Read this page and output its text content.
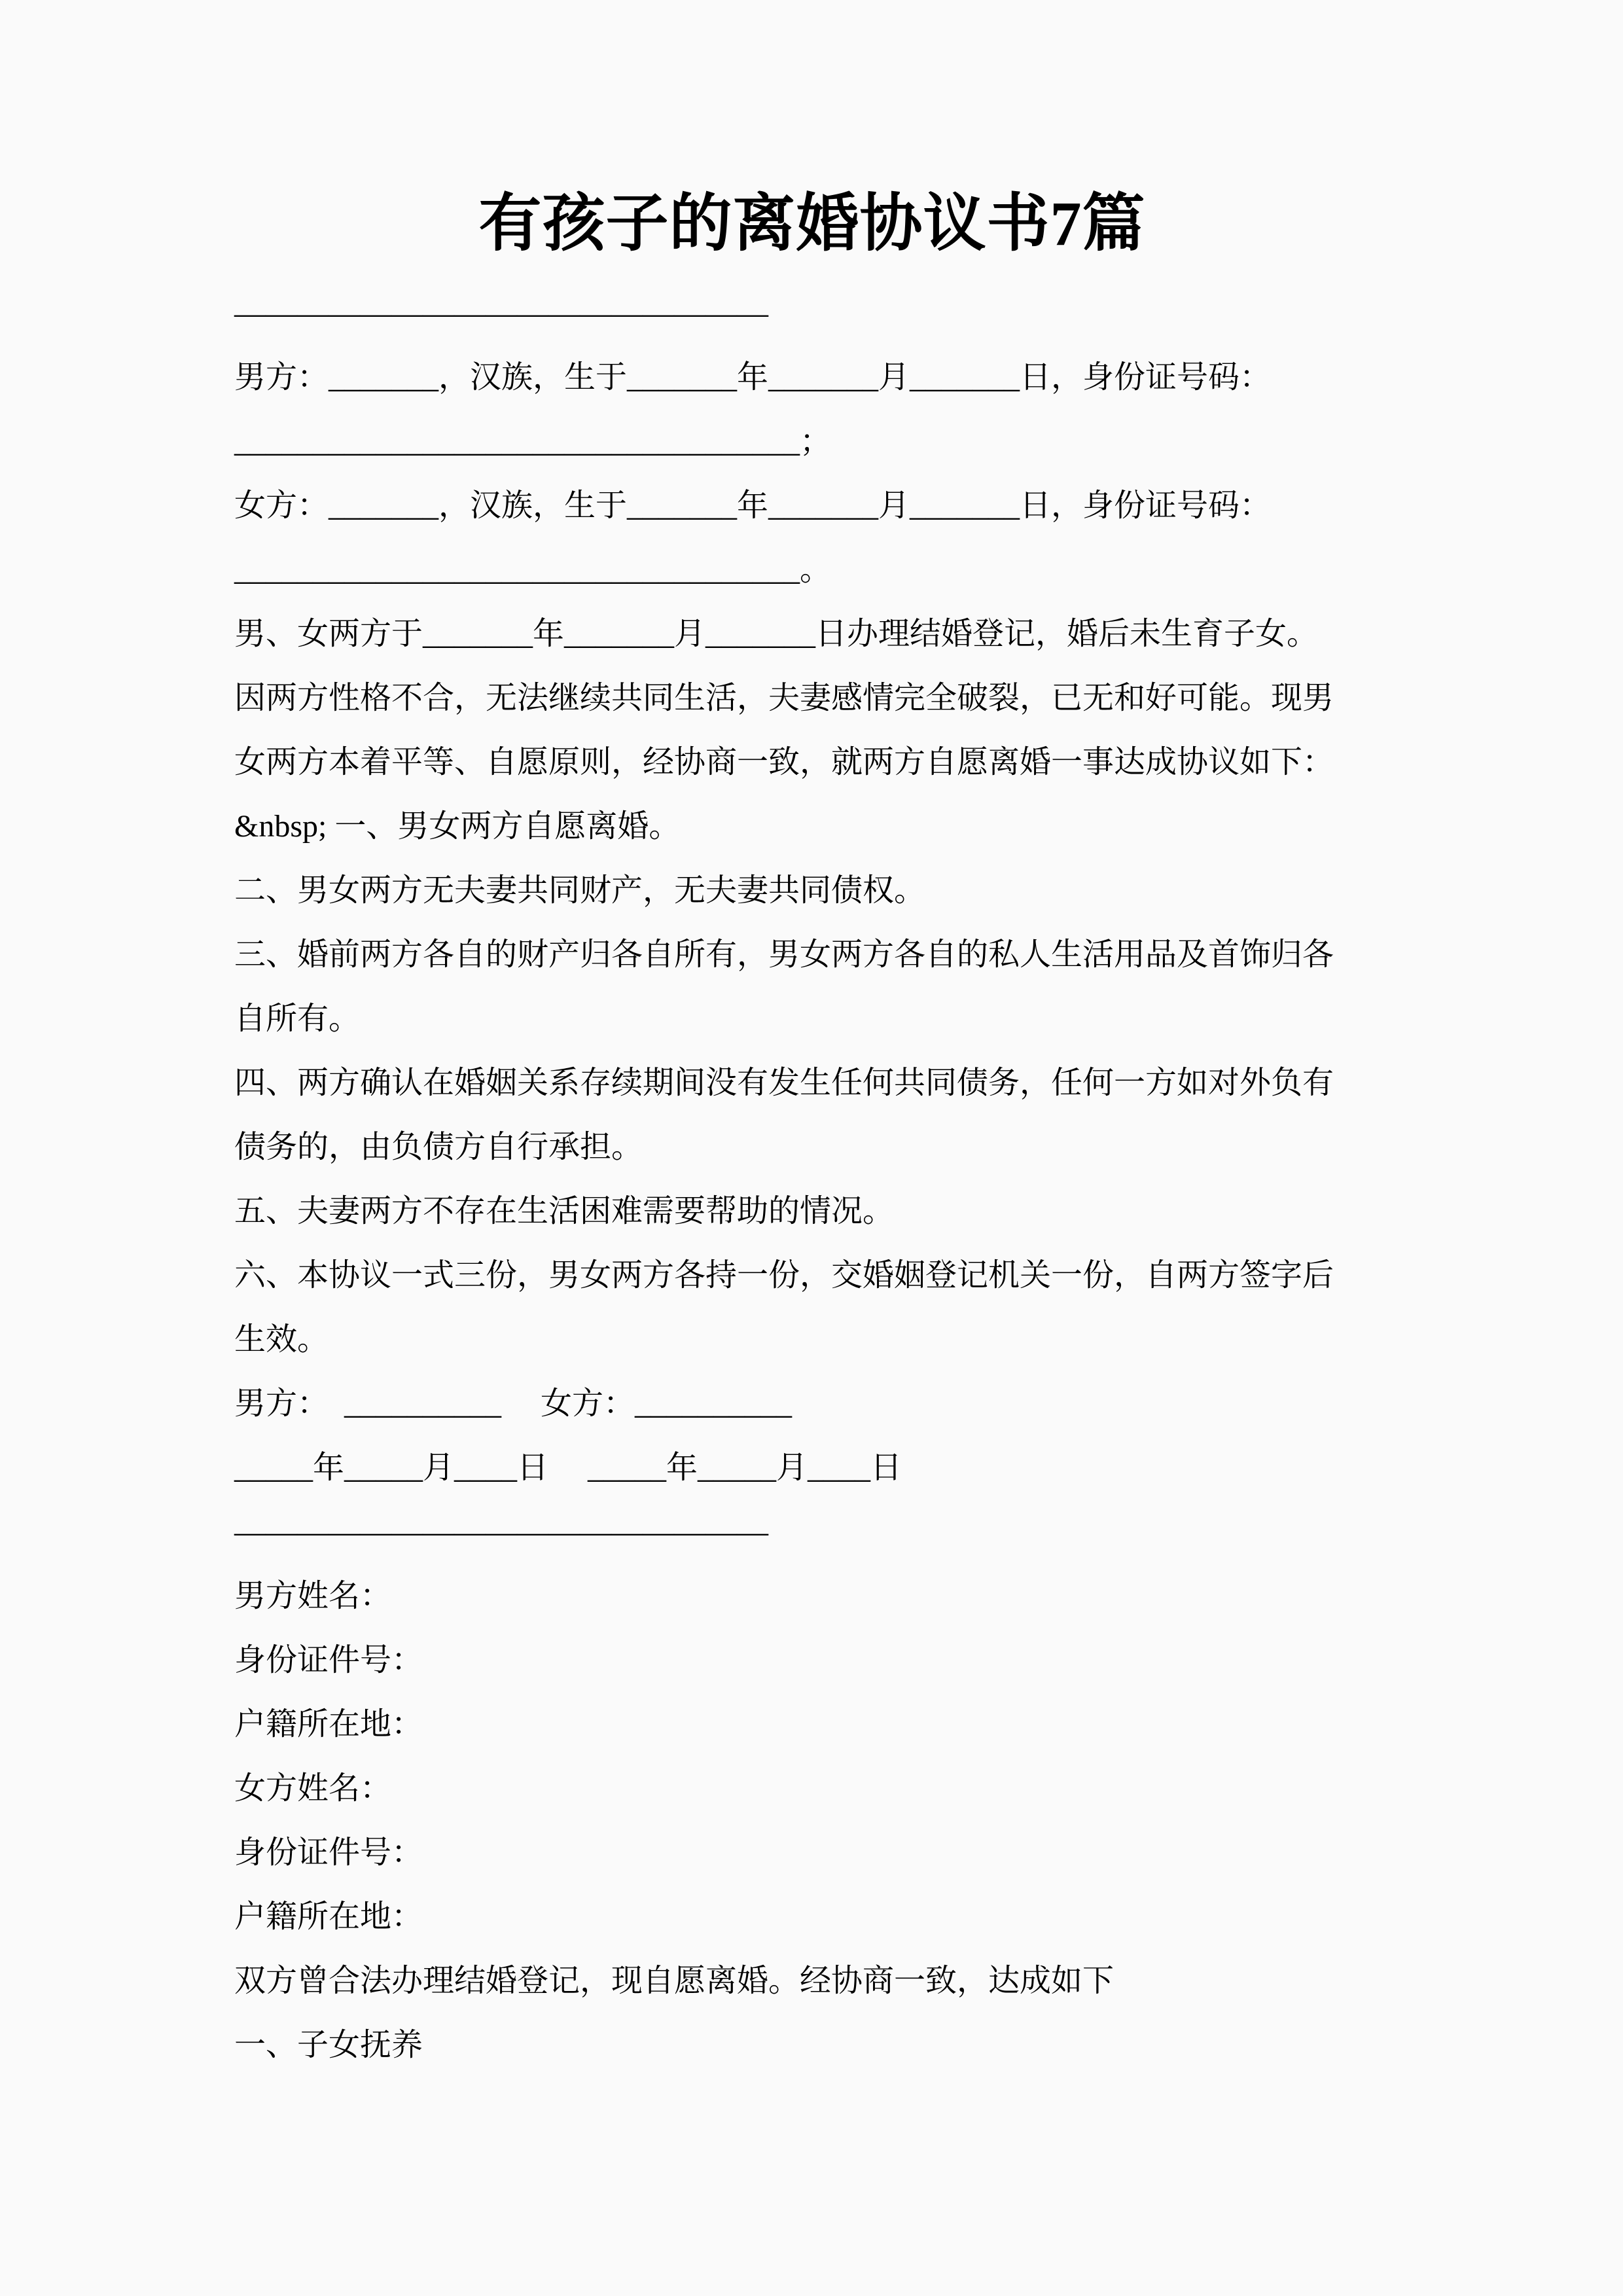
有孩子的离婚协议书7篇

—————————————————

男方：_______，汉族，生于_______年_______月_______日，身份证号码：

____________________________________；

女方：_______，汉族，生于_______年_______月_______日，身份证号码：

____________________________________。

男、女两方于_______年_______月_______日办理结婚登记，婚后未生育子女。

因两方性格不合，无法继续共同生活，夫妻感情完全破裂，已无和好可能。现男

女两方本着平等、自愿原则，经协商一致，就两方自愿离婚一事达成协议如下：

&nbsp; 一、男女两方自愿离婚。

二、男女两方无夫妻共同财产，无夫妻共同债权。

三、婚前两方各自的财产归各自所有，男女两方各自的私人生活用品及首饰归各

自所有。

四、两方确认在婚姻关系存续期间没有发生任何共同债务，任何一方如对外负有

债务的，由负债方自行承担。

五、夫妻两方不存在生活困难需要帮助的情况。

六、本协议一式三份，男女两方各持一份，交婚姻登记机关一份，自两方签字后

生效。

男方：  __________　 女方：__________

_____年_____月____日　 _____年_____月____日

—————————————————

男方姓名：

身份证件号：

户籍所在地：

女方姓名：

身份证件号：

户籍所在地：

双方曾合法办理结婚登记，现自愿离婚。经协商一致，达成如下

一、子女抚养
